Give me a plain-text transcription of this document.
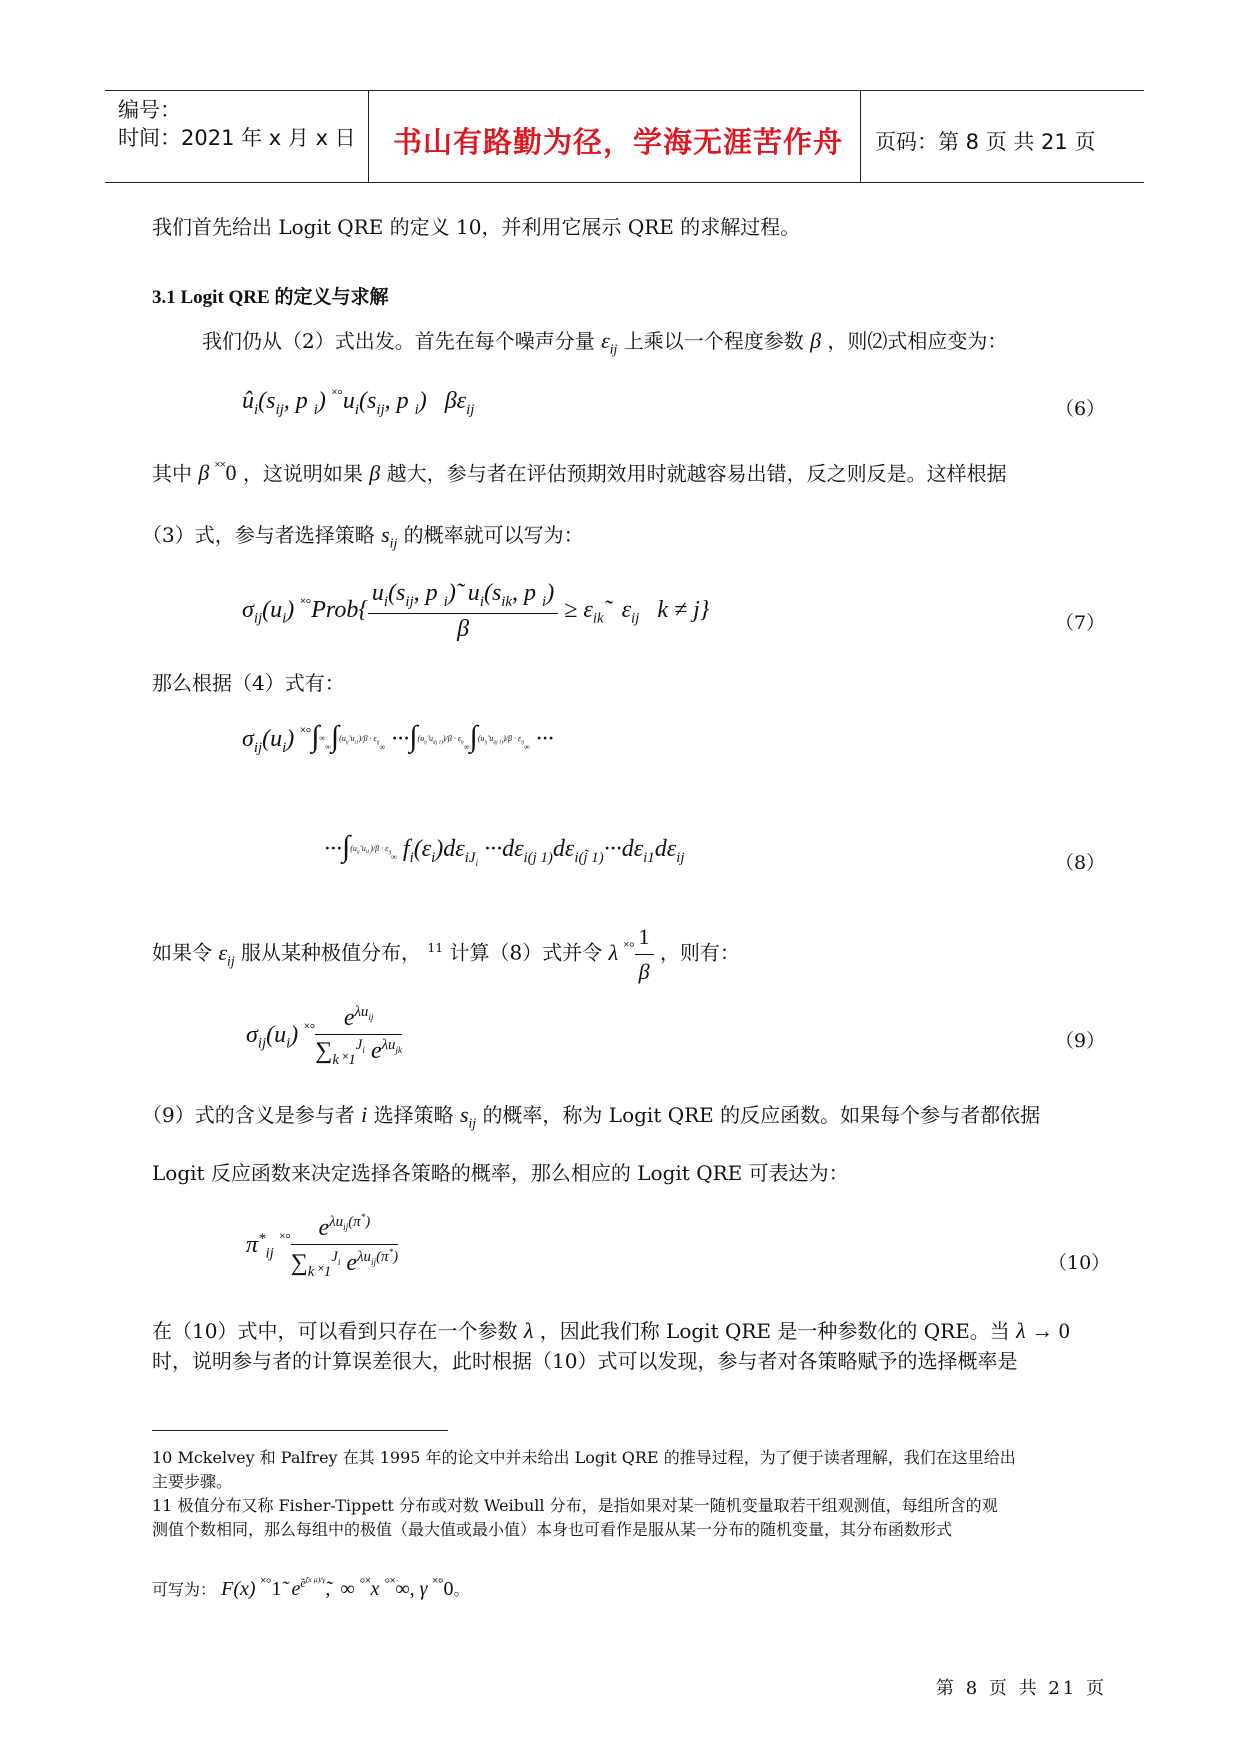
编号：
时间：2021 年 x 月 x 日 书山有路勤为径，学海无涯苦作舟 页码：第 8 页 共 21 页
我们首先给出 Logit QRE 的定义 10，并利用它展示 QRE 的求解过程。
3.1 Logit QRE 的定义与求解
我们仍从（2）式出发。首先在每个噪声分量 $\varepsilon_{ij}$ 上乘以一个程度参数 β ，则⑵式相应变为：
$û_i(s_{ij}$, p $_i$) $^{˟^\circ}u_i(s_{ij}$, p $_i$)   $\beta\varepsilon_{ij}$	（6）
其中 β ˟˟0 ，这说明如果 β 越大，参与者在评估预期效用时就越容易出错，反之则反是。这样根据
（3）式，参与者选择策略 $s_{ij}$ 的概率就可以写为：
$\sigma_{ij}(u_i)$ ˟°Prob{ $\frac{u_i(s_{ij}, p _i)̃ u_i(s_{ik}, p _i)}{\beta}$ ≥ $\varepsilon_{ik}̃$   $\varepsilon_{ij}$   k ≠ j}
（7）
那么根据（4）式有：
$\sigma_{ij}(u_i)$ $^{˟^\circ}\int^\infty_\infty\int^{(u_{ij}̃ u_{i1})/\beta \cdot \varepsilon_{ij}}_\infty \cdot\cdot\cdot\int^{(u_{ij}̃ u_{i(j 1)})/\beta \cdot \varepsilon_{ij}}_\infty\int^{(u_{ij}̃ u_{i(j 1)})/\beta \cdot \varepsilon_{ij}}_\infty$ ···
···∫$^{(u_{ij}̃ u_{iJ_i})/\beta \cdot \varepsilon_{ij}}_\infty$ $f_i(\varepsilon_i)d\varepsilon_{iJ_i} \cdot\cdot\cdot d\varepsilon_{i(j 1)}d\varepsilon_{i(j̃ 1)}\cdot\cdot\cdot d\varepsilon_{i1}d\varepsilon_{ij}$	（8）
如果令 $\varepsilon_{ij}$ 服从某种极值分布， $^{11}$ 计算（8）式并令 λ $^{˟^\circ} \frac{1}{\beta}$ ，则有：
$\sigma_{ij}(u_i)$ $^{˟^\circ} \frac{e^{\lambda u_{ij}}}{\sum_{k ˟1}^{J_i} e^{\lambda u_{jk}}}$	（9）
（9）式的含义是参与者 i 选择策略 $s_{ij}$ 的概率，称为 Logit QRE 的反应函数。如果每个参与者都依据
Logit 反应函数来决定选择各策略的概率，那么相应的 Logit QRE 可表达为：
$\pi^*_{ij}$ $^{˟^\circ} \frac{e^{\lambda u_{ij}(\pi^*)}}{\sum_{k ˟1}^{J_i} e^{\lambda u_{ij}(\pi^*)}}$	（10）
在（10）式中，可以看到只存在一个参数 λ ，因此我们称 Logit QRE 是一种参数化的 QRE。当 λ → 0
时，说明参与者的计算误差很大，此时根据（10）式可以发现，参与者对各策略赋予的选择概率是
10 Mckelvey 和 Palfrey 在其 1995 年的论文中并未给出 Logit QRE 的推导过程，为了便于读者理解，我们在这里给出
主要步骤。
11 极值分布又称 Fisher-Tippett 分布或对数 Weibull 分布，是指如果对某一随机变量取若干组观测值，每组所含的观
测值个数相同，那么每组中的极值（最大值或最小值）本身也可看作是服从某一分布的随机变量，其分布函数形式
可写为： F(x) ˟°1̃  $e^{̃e^{̃(x \mu)/\gamma}}̃$,  ∞ °˟x °˟∞, γ ˟°0。
第 8 页 共 21 页
